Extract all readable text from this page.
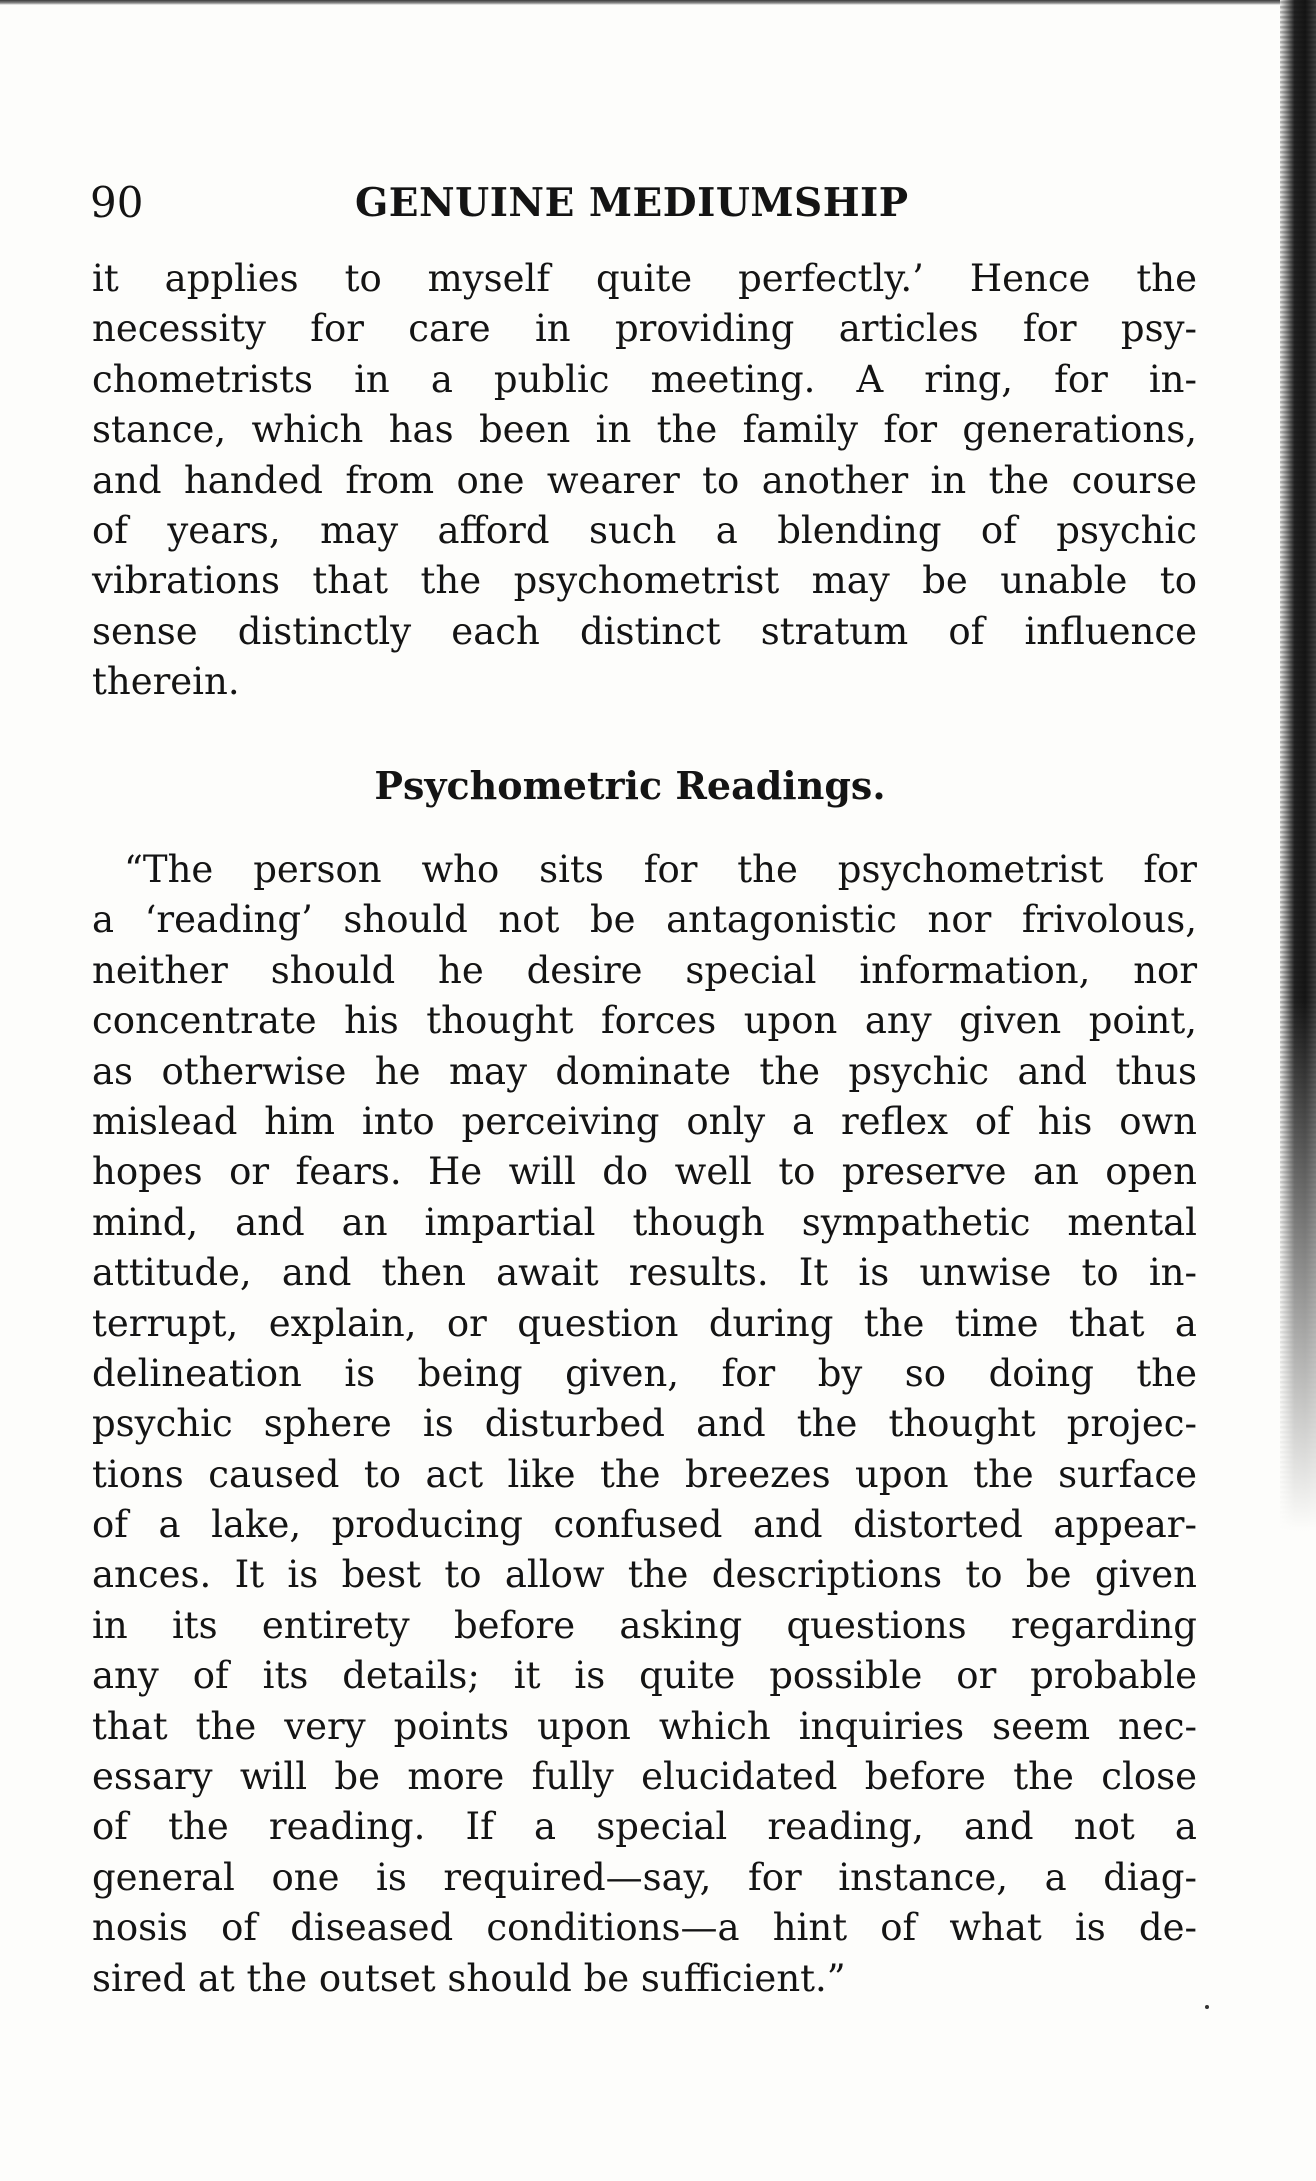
90	GENUINE MEDIUMSHIP
it applies to myself quite perfectly.’ Hence the
necessity for care in providing articles for psy-
chometrists in a public meeting. A ring, for in-
stance, which has been in the family for generations,
and handed from one wearer to another in the course
of years, may afford such a blending of psychic
vibrations that the psychometrist may be unable to
sense distinctly each distinct stratum of influence
therein.
Psychometric Readings.
“The person who sits for the psychometrist for
a ‘reading’ should not be antagonistic nor frivolous,
neither should he desire special information, nor
concentrate his thought forces upon any given point,
as otherwise he may dominate the psychic and thus
mislead him into perceiving only a reflex of his own
hopes or fears. He will do well to preserve an open
mind, and an impartial though sympathetic mental
attitude, and then await results. It is unwise to in-
terrupt, explain, or question during the time that a
delineation is being given, for by so doing the
psychic sphere is disturbed and the thought projec-
tions caused to act like the breezes upon the surface
of a lake, producing confused and distorted appear-
ances. It is best to allow the descriptions to be given
in its entirety before asking questions regarding
any of its details; it is quite possible or probable
that the very points upon which inquiries seem nec-
essary will be more fully elucidated before the close
of the reading. If a special reading, and not a
general one is required—say, for instance, a diag-
nosis of diseased conditions—a hint of what is de-
sired at the outset should be sufficient.”
